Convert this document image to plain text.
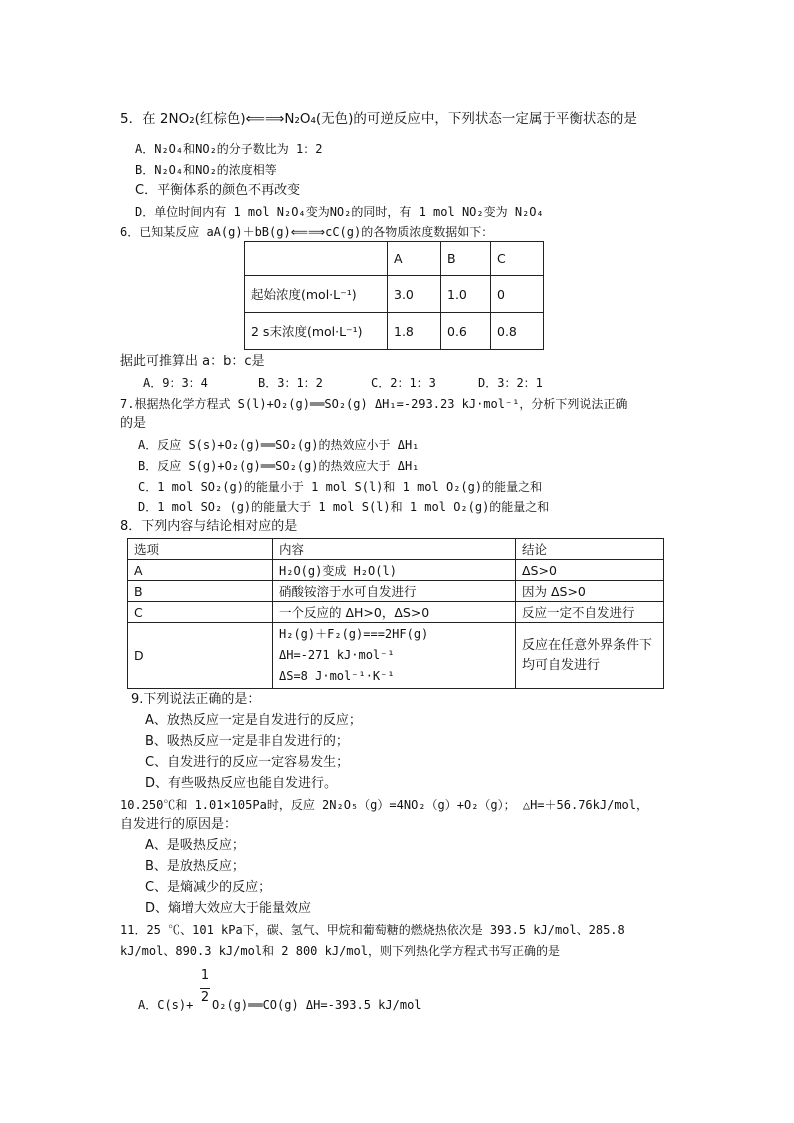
5．在 2NO₂(红棕色)⟸⟹N₂O₄(无色)的可逆反应中，下列状态一定属于平衡状态的是
A．N₂O₄和NO₂的分子数比为 1：2
B．N₂O₄和NO₂的浓度相等
C．平衡体系的颜色不再改变
D．单位时间内有 1 mol N₂O₄变为NO₂的同时，有 1 mol NO₂变为 N₂O₄
6．已知某反应 aA(g)＋bB(g)⟸⟹cC(g)的各物质浓度数据如下：
	A	B	C
起始浓度(mol·L⁻¹)	3.0	1.0	0
2 s末浓度(mol·L⁻¹)	1.8	0.6	0.8
据此可推算出 a：b：c是
A．9：3：4	B．3：1：2	C．2：1：3	D．3：2：1
7.根据热化学方程式 S(l)+O₂(g)══SO₂(g) ΔH₁=-293.23 kJ·mol⁻¹，分析下列说法正确
的是
A．反应 S(s)+O₂(g)══SO₂(g)的热效应小于 ΔH₁
B．反应 S(g)+O₂(g)══SO₂(g)的热效应大于 ΔH₁
C．1 mol SO₂(g)的能量小于 1 mol S(l)和 1 mol O₂(g)的能量之和
D．1 mol SO₂ (g)的能量大于 1 mol S(l)和 1 mol O₂(g)的能量之和
8．下列内容与结论相对应的是
选项	内容	结论
A	H₂O(g)变成 H₂O(l)	ΔS>0
B	硝酸铵溶于水可自发进行	因为 ΔS>0
C	一个反应的 ΔH>0，ΔS>0	反应一定不自发进行
D	H₂(g)＋F₂(g)===2HF(g)
ΔH=-271 kJ·mol⁻¹
ΔS=8 J·mol⁻¹·K⁻¹	反应在任意外界条件下均可自发进行
9.下列说法正确的是：
A、放热反应一定是自发进行的反应；
B、吸热反应一定是非自发进行的；
C、自发进行的反应一定容易发生；
D、有些吸热反应也能自发进行。
10.250℃和 1.01×105Pa时，反应 2N₂O₅（g）=4NO₂（g）+O₂（g）； △H=＋56.76kJ/mol，
自发进行的原因是：
A、是吸热反应；
B、是放热反应；
C、是熵减少的反应；
D、熵增大效应大于能量效应
11．25 ℃、101 kPa下，碳、氢气、甲烷和葡萄糖的燃烧热依次是 393.5 kJ/mol、285.8
kJ/mol、890.3 kJ/mol和 2 800 kJ/mol，则下列热化学方程式书写正确的是
1
2
A．C(s)+ O₂(g)══CO(g) ΔH=-393.5 kJ/mol
